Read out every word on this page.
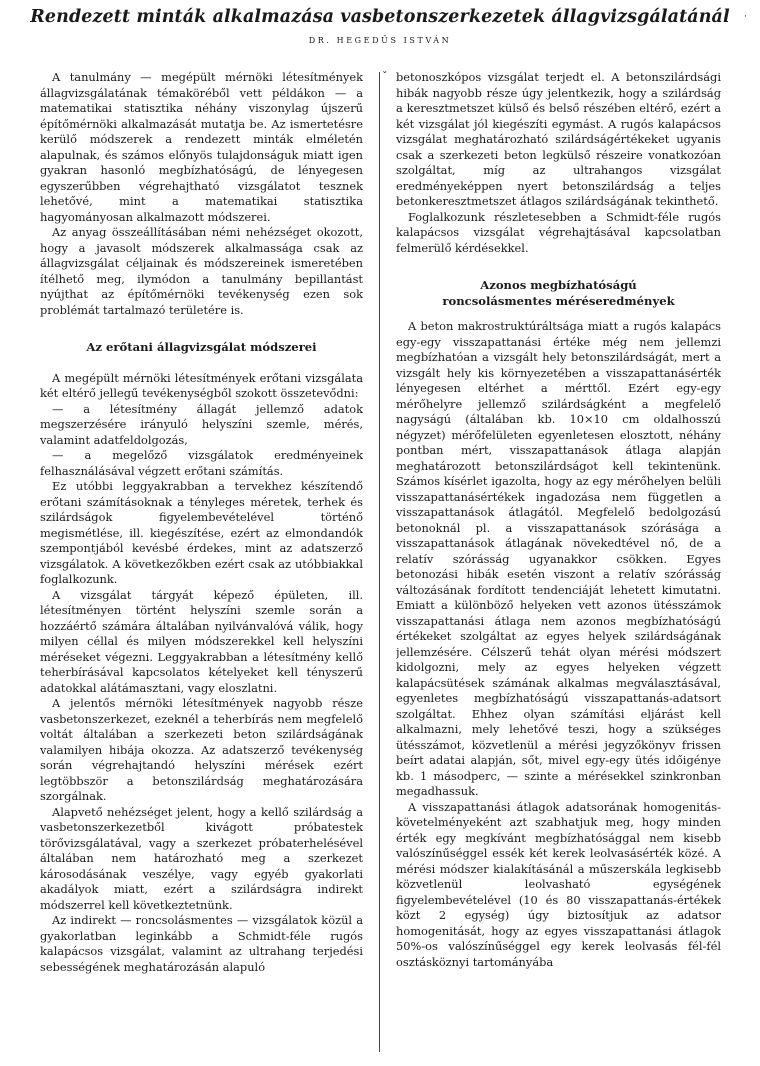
Rendezett minták alkalmazása vasbetonszerkezetek állagvizsgálatánál
DR. HEGEDŰS ISTVÁN
·
ˇ

A tanulmány — megépült mérnöki létesítmények állagvizsgálatának témaköréből vett példákon — a matematikai statisztika néhány viszonylag újszerű építőmérnöki alkalmazását mutatja be. Az ismertetésre kerülő módszerek a rendezett minták elméletén alapulnak, és számos előnyös tulajdonságuk miatt igen gyakran hasonló megbízhatóságú, de lényegesen egyszerűbben végrehajtható vizsgálatot tesznek lehetővé, mint a matematikai statisztika hagyományosan alkalmazott módszerei.

Az anyag összeállításában némi nehézséget okozott, hogy a javasolt módszerek alkalmassága csak az állagvizsgálat céljainak és módszereinek ismeretében ítélhető meg, ilymódon a tanulmány bepillantást nyújthat az építőmérnöki tevékenység ezen sok problémát tartalmazó területére is.

Az erőtani állagvizsgálat módszerei

A megépült mérnöki létesítmények erőtani vizsgálata két eltérő jellegű tevékenységből szokott összetevődni:

— a létesítmény állagát jellemző adatok megszerzésére irányuló helyszíni szemle, mérés, valamint adatfeldolgozás,

— a megelőző vizsgálatok eredményeinek felhasználásával végzett erőtani számítás.

Ez utóbbi leggyakrabban a tervekhez készítendő erőtani számításoknak a tényleges méretek, terhek és szilárdságok figyelembevételével történő megismétlése, ill. kiegészítése, ezért az elmondandók szempontjából kevésbé érdekes, mint az adatszerző vizsgálatok. A következőkben ezért csak az utóbbiakkal foglalkozunk.

A vizsgálat tárgyát képező épületen, ill. létesítményen történt helyszíni szemle során a hozzáértő számára általában nyilvánvalóvá válik, hogy milyen céllal és milyen módszerekkel kell helyszíni méréseket végezni. Leggyakrabban a létesítmény kellő teherbírásával kapcsolatos kételyeket kell tényszerű adatokkal alátámasztani, vagy eloszlatni.

A jelentős mérnöki létesítmények nagyobb része vasbetonszerkezet, ezeknél a teherbírás nem megfelelő voltát általában a szerkezeti beton szilárdságának valamilyen hibája okozza. Az adatszerző tevékenység során végrehajtandó helyszíni mérések ezért legtöbbször a betonszilárdság meghatározására szorgálnak.

Alapvető nehézséget jelent, hogy a kellő szilárdság a vasbetonszerkezetből kivágott próbatestek törővizsgálatával, vagy a szerkezet próbaterhelésével általában nem határozható meg a szerkezet károsodásának veszélye, vagy egyéb gyakorlati akadályok miatt, ezért a szilárdságra indirekt módszerrel kell következtetnünk.

Az indirekt — roncsolásmentes — vizsgálatok közül a gyakorlatban leginkább a Schmidt-féle rugós kalapácsos vizsgálat, valamint az ultrahang terjedési sebességének meghatározásán alapuló

betonoszkópos vizsgálat terjedt el. A betonszilárdsági hibák nagyobb része úgy jelentkezik, hogy a szilárdság a keresztmetszet külső és belső részében eltérő, ezért a két vizsgálat jól kiegészíti egymást. A rugós kalapácsos vizsgálat meghatározható szilárdságértékeket ugyanis csak a szerkezeti beton legkülső részeire vonatkozóan szolgáltat, míg az ultrahangos vizsgálat eredményeképpen nyert betonszilárdság a teljes betonkeresztmetszet átlagos szilárdságának tekinthető.

Foglalkozunk részletesebben a Schmidt-féle rugós kalapácsos vizsgálat végrehajtásával kapcsolatban felmerülő kérdésekkel.

Azonos megbízhatóságú
roncsolásmentes méréseredmények

A beton makrostruktúráltsága miatt a rugós kalapács egy-egy visszapattanási értéke még nem jellemzi megbízhatóan a vizsgált hely betonszilárdságát, mert a vizsgált hely kis környezetében a visszapattanásérték lényegesen eltérhet a mérttől. Ezért egy-egy mérőhelyre jellemző szilárdságként a megfelelő nagyságú (általában kb. 10×10 cm oldalhosszú négyzet) mérőfelületen egyenletesen elosztott, néhány pontban mért, visszapattanások átlaga alapján meghatározott betonszilárdságot kell tekintenünk. Számos kísérlet igazolta, hogy az egy mérőhelyen belüli visszapattanásértékek ingadozása nem független a visszapattanások átlagától. Megfelelő bedolgozású betonoknál pl. a visszapattanások szórásága a visszapattanások átlagának növekedtével nő, de a relatív szórásság ugyanakkor csökken. Egyes betonozási hibák esetén viszont a relatív szórásság változásának fordított tendenciáját lehetett kimutatni. Emiatt a különböző helyeken vett azonos ütésszámok visszapattanási átlaga nem azonos megbízhatóságú értékeket szolgáltat az egyes helyek szilárdságának jellemzésére. Célszerű tehát olyan mérési módszert kidolgozni, mely az egyes helyeken végzett kalapácsütések számának alkalmas megválasztásával, egyenletes megbízhatóságú visszapattanás-adatsort szolgáltat. Ehhez olyan számítási eljárást kell alkalmazni, mely lehetővé teszi, hogy a szükséges ütésszámot, közvetlenül a mérési jegyzőkönyv frissen beírt adatai alapján, sőt, mivel egy-egy ütés időigénye kb. 1 másodperc, — szinte a mérésekkel szinkronban megadhassuk.

A visszapattanási átlagok adatsorának homogenitás-követelményeként azt szabhatjuk meg, hogy minden érték egy megkívánt megbízhatósággal nem kisebb valószínűséggel essék két kerek leolvasásérték közé. A mérési módszer kialakításánál a műszerskála legkisebb közvetlenül leolvasható egységének figyelembevételével (10 és 80 visszapattanás-értékek közt 2 egység) úgy biztosítjuk az adatsor homogenitását, hogy az egyes visszapattanási átlagok 50%-os valószínűséggel egy kerek leolvasás fél-fél osztásköznyi tartományába
